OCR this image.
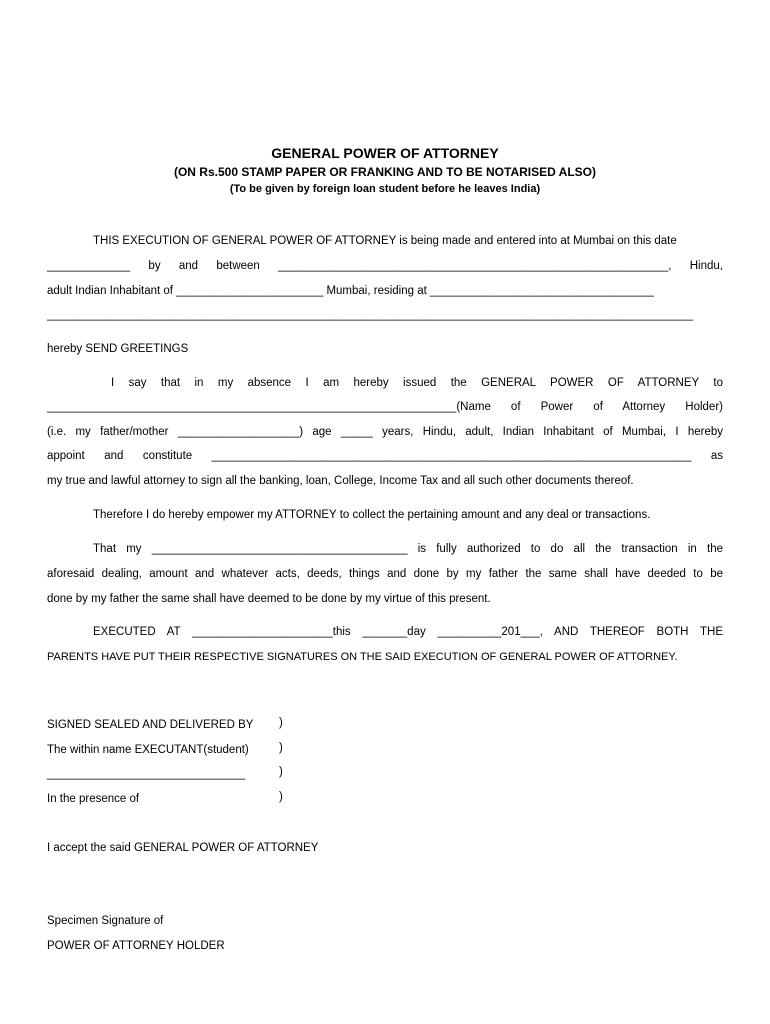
GENERAL POWER OF ATTORNEY
(ON Rs.500 STAMP PAPER OR FRANKING AND TO BE NOTARISED ALSO)
(To be given by foreign loan student before he leaves India)
THIS EXECUTION OF GENERAL POWER OF ATTORNEY is being made and entered into at Mumbai on this date
_____________ by and between _____________________________________________________________, Hindu,
adult Indian Inhabitant of _______________________ Mumbai, residing at ___________________________________
_____________________________________________________________________________________________________
hereby SEND GREETINGS
I say that in my absence I am hereby issued the GENERAL POWER OF ATTORNEY to
________________________________________________________________(Name of Power of Attorney Holder)
(i.e. my father/mother ___________________) age _____ years, Hindu, adult, Indian Inhabitant of Mumbai, I hereby
appoint and constitute ___________________________________________________________________________ as
my true and lawful attorney to sign all the banking, loan, College, Income Tax and all such other documents thereof.
Therefore I do hereby empower my ATTORNEY to collect the pertaining amount and any deal or transactions.
That my ________________________________________ is fully authorized to do all the transaction in the
aforesaid dealing, amount and whatever acts, deeds, things and done by my father the same shall have deeded to be
done by my father the same shall have deemed to be done by my virtue of this present.
EXECUTED AT ______________________this _______day __________201___, AND THEREOF BOTH THE
PARENTS HAVE PUT THEIR RESPECTIVE SIGNATURES ON THE SAID EXECUTION OF GENERAL POWER OF ATTORNEY.
SIGNED SEALED AND DELIVERED BY	)
The within name EXECUTANT(student)	)
_______________________________	)
In the presence of	)
I accept the said GENERAL POWER OF ATTORNEY
Specimen Signature of
POWER OF ATTORNEY HOLDER
